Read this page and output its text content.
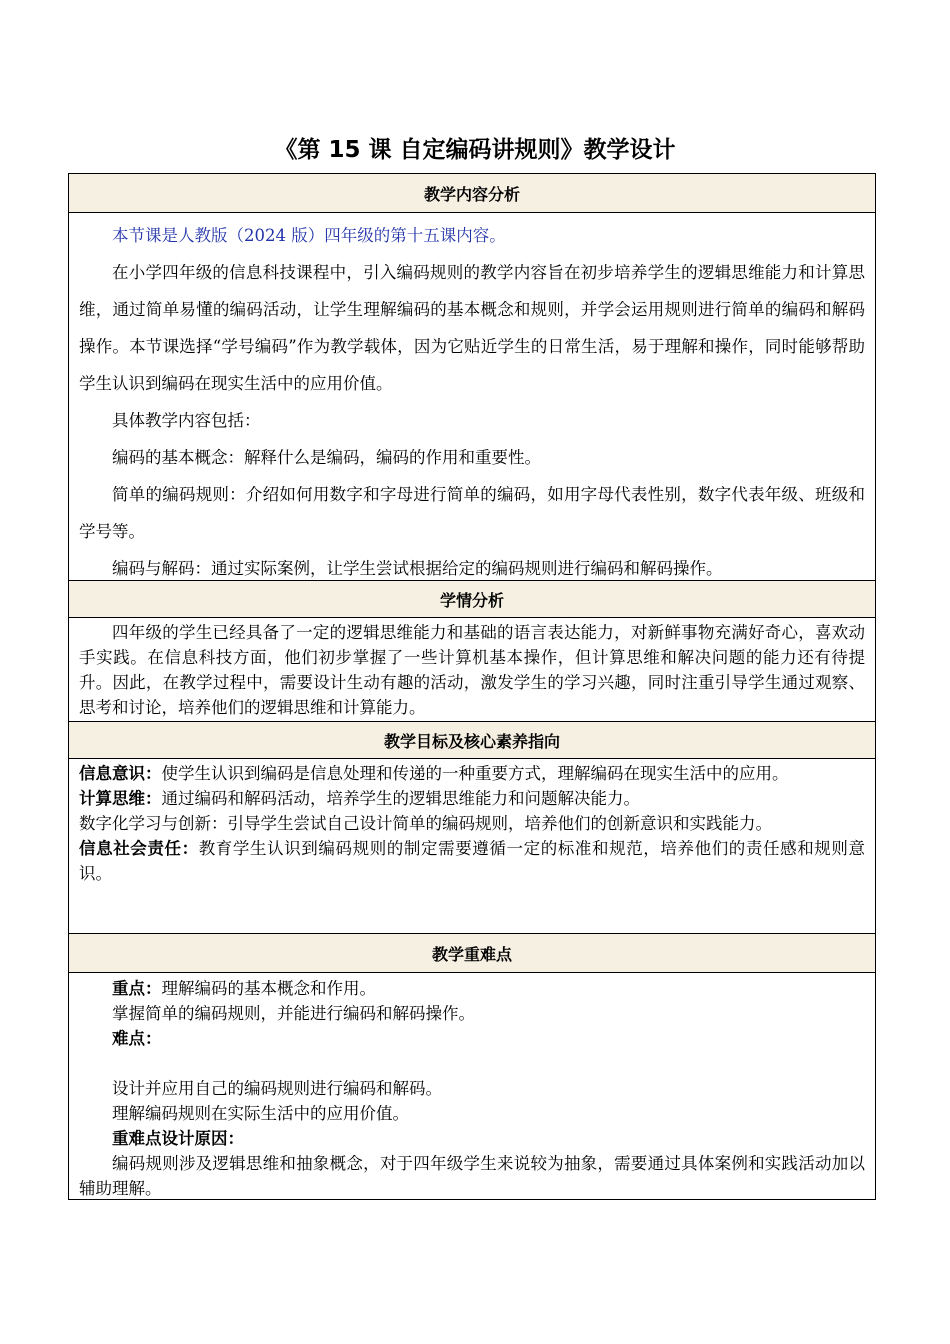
《第 15 课 自定编码讲规则》教学设计
教学内容分析

本节课是人教版（2024 版）四年级的第十五课内容。

在小学四年级的信息科技课程中，引入编码规则的教学内容旨在初步培养学生的逻辑思维能力和计算思维，通过简单易懂的编码活动，让学生理解编码的基本概念和规则，并学会运用规则进行简单的编码和解码操作。本节课选择“学号编码”作为教学载体，因为它贴近学生的日常生活，易于理解和操作，同时能够帮助学生认识到编码在现实生活中的应用价值。

具体教学内容包括：

编码的基本概念：解释什么是编码，编码的作用和重要性。

简单的编码规则：介绍如何用数字和字母进行简单的编码，如用字母代表性别，数字代表年级、班级和学号等。

编码与解码：通过实际案例，让学生尝试根据给定的编码规则进行编码和解码操作。

学情分析

四年级的学生已经具备了一定的逻辑思维能力和基础的语言表达能力，对新鲜事物充满好奇心，喜欢动手实践。在信息科技方面，他们初步掌握了一些计算机基本操作，但计算思维和解决问题的能力还有待提升。因此，在教学过程中，需要设计生动有趣的活动，激发学生的学习兴趣，同时注重引导学生通过观察、思考和讨论，培养他们的逻辑思维和计算能力。

教学目标及核心素养指向

信息意识：使学生认识到编码是信息处理和传递的一种重要方式，理解编码在现实生活中的应用。

计算思维：通过编码和解码活动，培养学生的逻辑思维能力和问题解决能力。

数字化学习与创新：引导学生尝试自己设计简单的编码规则，培养他们的创新意识和实践能力。

信息社会责任：教育学生认识到编码规则的制定需要遵循一定的标准和规范，培养他们的责任感和规则意识。

教学重难点

重点：理解编码的基本概念和作用。

掌握简单的编码规则，并能进行编码和解码操作。

难点：

设计并应用自己的编码规则进行编码和解码。

理解编码规则在实际生活中的应用价值。

重难点设计原因：

编码规则涉及逻辑思维和抽象概念，对于四年级学生来说较为抽象，需要通过具体案例和实践活动加以辅助理解。
